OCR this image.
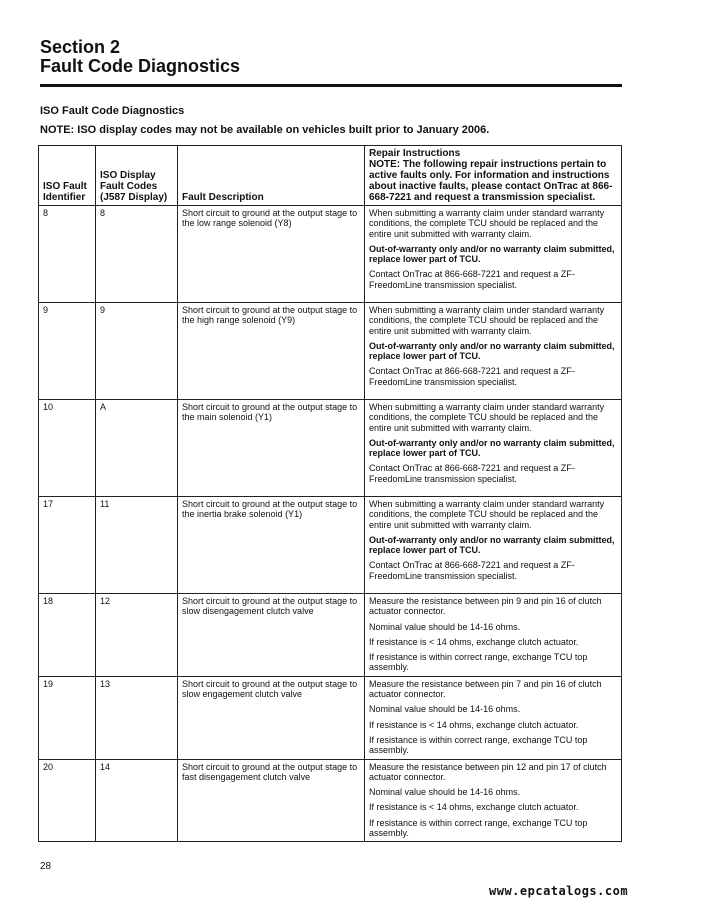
Section 2
Fault Code Diagnostics
ISO Fault Code Diagnostics
NOTE: ISO display codes may not be available on vehicles built prior to January 2006.
ISO Fault Identifier	ISO Display Fault Codes (J587 Display)	Fault Description	Repair Instructions
NOTE: The following repair instructions pertain to active faults only. For information and instructions about inactive faults, please contact OnTrac at 866-668-7221 and request a transmission specialist.

8	8	Short circuit to ground at the output stage to the low range solenoid (Y8)	When submitting a warranty claim under standard warranty conditions, the complete TCU should be replaced and the entire unit submitted with warranty claim.
Out-of-warranty only and/or no warranty claim submitted, replace lower part of TCU.
Contact OnTrac at 866-668-7221 and request a ZF-FreedomLine transmission specialist.

9	9	Short circuit to ground at the output stage to the high range solenoid (Y9)	When submitting a warranty claim under standard warranty conditions, the complete TCU should be replaced and the entire unit submitted with warranty claim.
Out-of-warranty only and/or no warranty claim submitted, replace lower part of TCU.
Contact OnTrac at 866-668-7221 and request a ZF-FreedomLine transmission specialist.

10	A	Short circuit to ground at the output stage to the main solenoid (Y1)	When submitting a warranty claim under standard warranty conditions, the complete TCU should be replaced and the entire unit submitted with warranty claim.
Out-of-warranty only and/or no warranty claim submitted, replace lower part of TCU.
Contact OnTrac at 866-668-7221 and request a ZF-FreedomLine transmission specialist.

17	11	Short circuit to ground at the output stage to the inertia brake solenoid (Y1)	When submitting a warranty claim under standard warranty conditions, the complete TCU should be replaced and the entire unit submitted with warranty claim.
Out-of-warranty only and/or no warranty claim submitted, replace lower part of TCU.
Contact OnTrac at 866-668-7221 and request a ZF-FreedomLine transmission specialist.

18	12	Short circuit to ground at the output stage to slow disengagement clutch valve	Measure the resistance between pin 9 and pin 16 of clutch actuator connector.
Nominal value should be 14-16 ohms.
If resistance is < 14 ohms, exchange clutch actuator.
If resistance is within correct range, exchange TCU top assembly.

19	13	Short circuit to ground at the output stage to slow engagement clutch valve	Measure the resistance between pin 7 and pin 16 of clutch actuator connector.
Nominal value should be 14-16 ohms.
If resistance is < 14 ohms, exchange clutch actuator.
If resistance is within correct range, exchange TCU top assembly.

20	14	Short circuit to ground at the output stage to fast disengagement clutch valve	Measure the resistance between pin 12 and pin 17 of clutch actuator connector.
Nominal value should be 14-16 ohms.
If resistance is < 14 ohms, exchange clutch actuator.
If resistance is within correct range, exchange TCU top assembly.
28
www.epcatalogs.com
